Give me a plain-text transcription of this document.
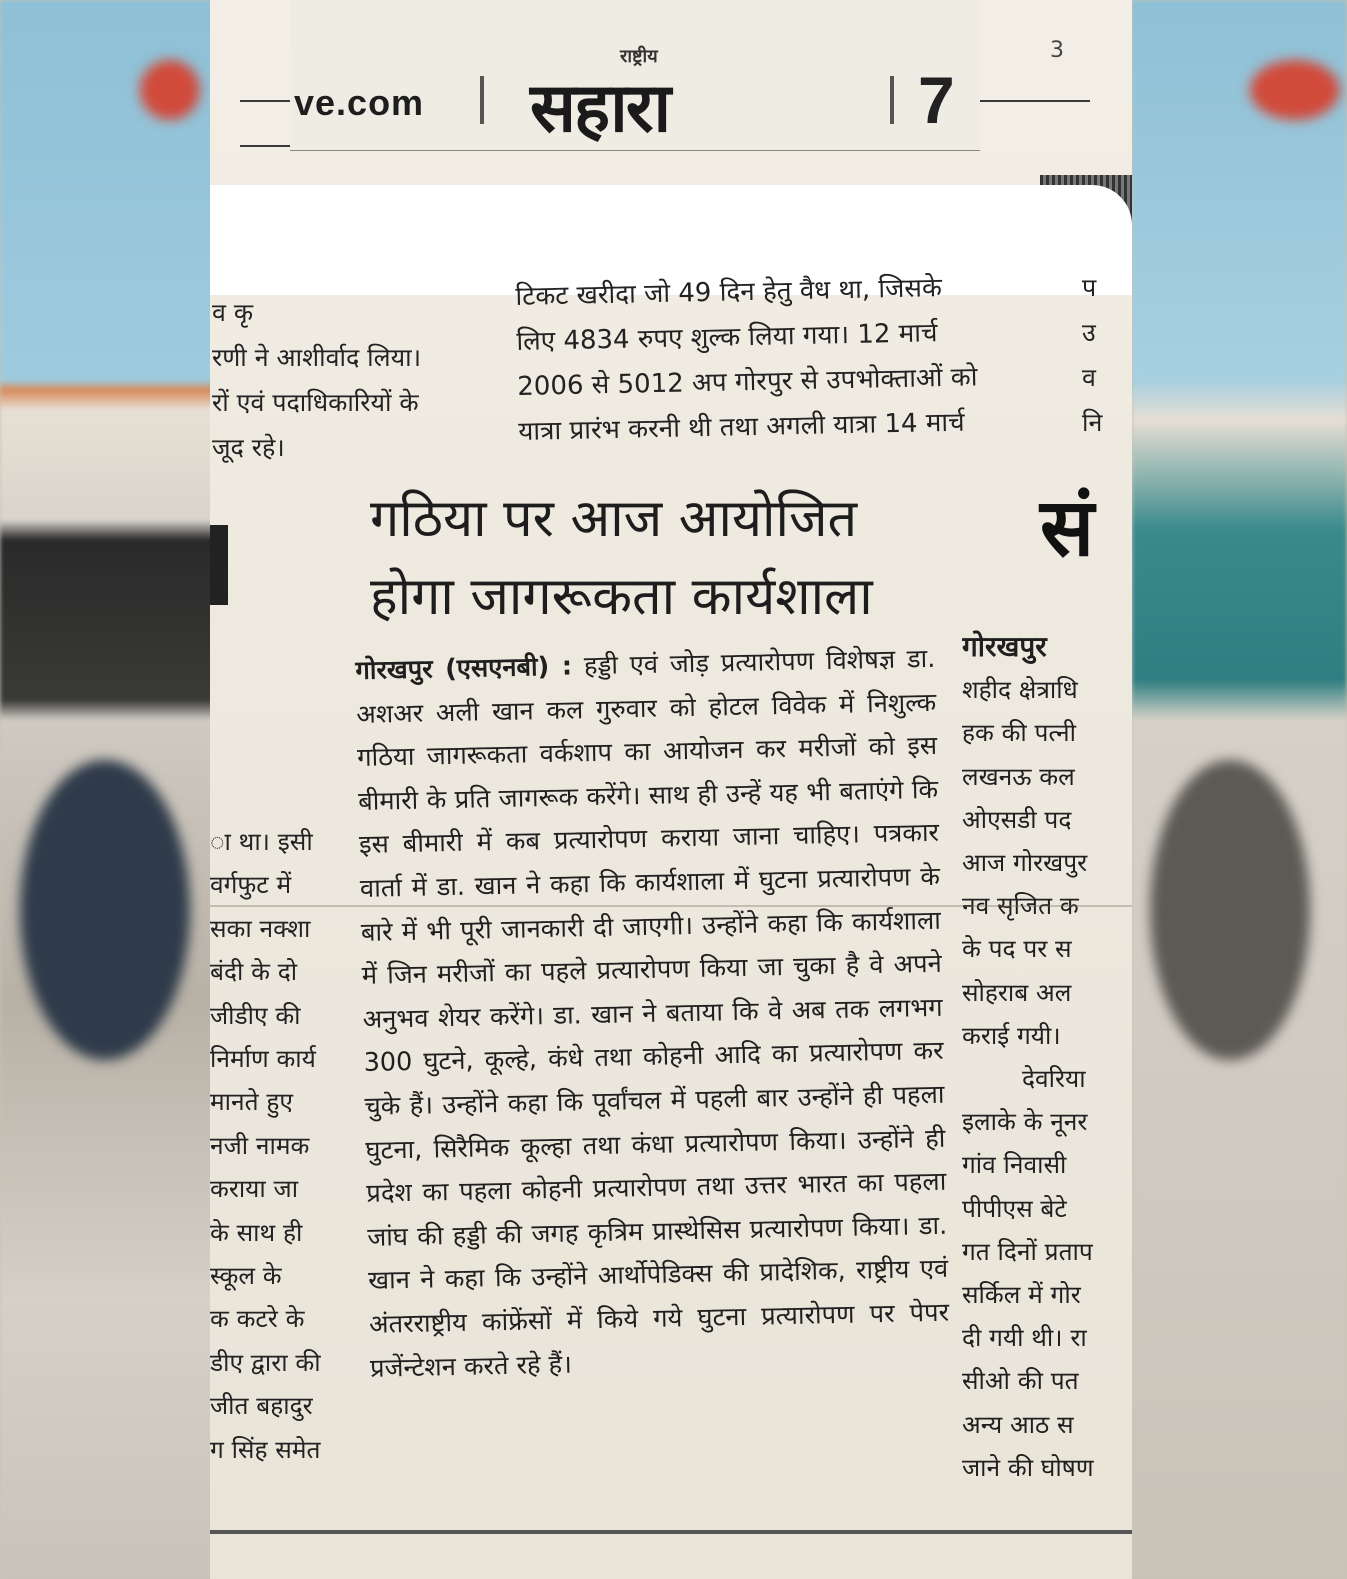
ve.com
राष्ट्रीय
सहारा	7
3
व कृ
रणी ने आशीर्वाद लिया।
रों एवं पदाधिकारियों के
जूद रहे।
टिकट खरीदा जो 49 दिन हेतु वैध था, जिसके
लिए 4834 रुपए शुल्क लिया गया। 12 मार्च
2006 से 5012 अप गोरपुर से उपभोक्ताओं को
यात्रा प्रारंभ करनी थी तथा अगली यात्रा 14 मार्च
प
उ
व
नि
गठिया पर आज आयोजित
होगा जागरूकता कार्यशाला
सं
गोरखपुर (एसएनबी) : हड्डी एवं जोड़ प्रत्यारोपण विशेषज्ञ डा. अशअर अली खान कल गुरुवार को होटल विवेक में निशुल्क गठिया जागरूकता वर्कशाप का आयोजन कर मरीजों को इस बीमारी के प्रति जागरूक करेंगे। साथ ही उन्हें यह भी बताएंगे कि इस बीमारी में कब प्रत्यारोपण कराया जाना चाहिए। पत्रकार वार्ता में डा. खान ने कहा कि कार्यशाला में घुटना प्रत्यारोपण के बारे में भी पूरी जानकारी दी जाएगी। उन्होंने कहा कि कार्यशाला में जिन मरीजों का पहले प्रत्यारोपण किया जा चुका है वे अपने अनुभव शेयर करेंगे। डा. खान ने बताया कि वे अब तक लगभग 300 घुटने, कूल्हे, कंधे तथा कोहनी आदि का प्रत्यारोपण कर चुके हैं। उन्होंने कहा कि पूर्वांचल में पहली बार उन्होंने ही पहला घुटना, सिरैमिक कूल्हा तथा कंधा प्रत्यारोपण किया। उन्होंने ही प्रदेश का पहला कोहनी प्रत्यारोपण तथा उत्तर भारत का पहला जांघ की हड्डी की जगह कृत्रिम प्रास्थेसिस प्रत्यारोपण किया। डा. खान ने कहा कि उन्होंने आर्थोपेडिक्स की प्रादेशिक, राष्ट्रीय एवं अंतरराष्ट्रीय कांफ्रेंसों में किये गये घुटना प्रत्यारोपण पर पेपर प्रजेंन्टेशन करते रहे हैं।
गोरखपुर
शहीद क्षेत्राधि
हक की पत्नी
लखनऊ कल
ओएसडी पद
आज गोरखपुर
नव सृजित क
के पद पर स
सोहराब अल
कराई गयी।
देवरिया
इलाके के नूनर
गांव निवासी
पीपीएस बेटे
गत दिनों प्रताप
सर्किल में गोर
दी गयी थी। रा
सीओ की पत
अन्य आठ स
जाने की घोषण
ा था। इसी
वर्गफुट में
सका नक्शा
बंदी के दो
जीडीए की
निर्माण कार्य
मानते हुए
नजी नामक
कराया जा
के साथ ही
स्कूल के
क कटरे के
डीए द्वारा की
जीत बहादुर
ग सिंह समेत
